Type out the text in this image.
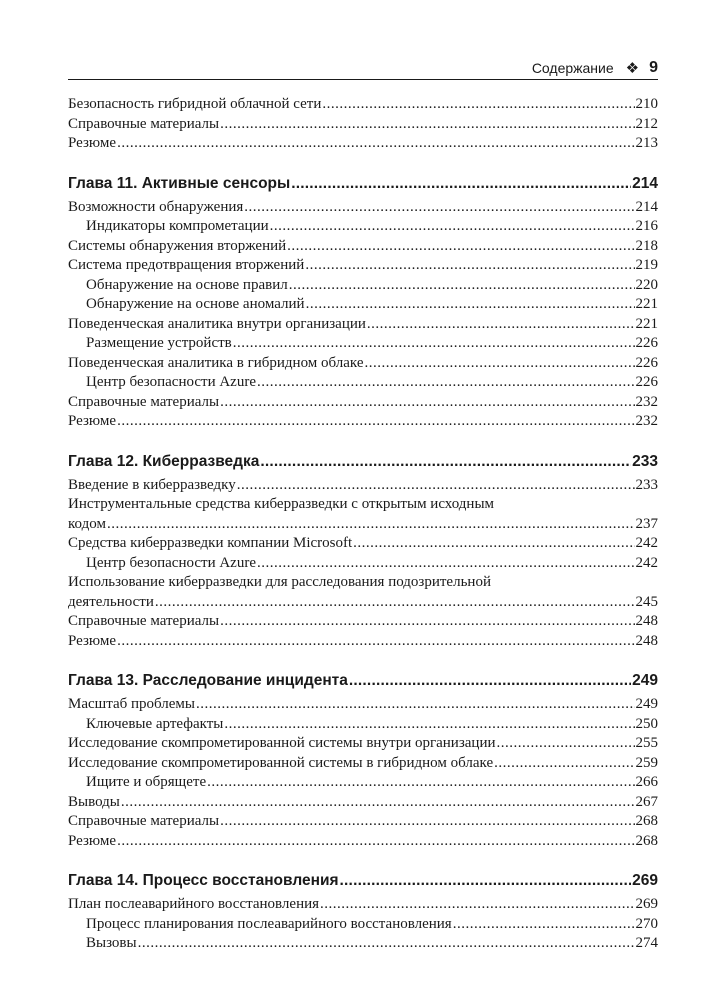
Содержание ❖ 9
Безопасность гибридной облачной сети .....	210
Справочные материалы .....	212
Резюме .....	213
Глава 11. Активные сенсоры .....	214
Возможности обнаружения .....	214
Индикаторы компрометации .....	216
Системы обнаружения вторжений .....	218
Система предотвращения вторжений .....	219
Обнаружение на основе правил .....	220
Обнаружение на основе аномалий .....	221
Поведенческая аналитика внутри организации .....	221
Размещение устройств .....	226
Поведенческая аналитика в гибридном облаке .....	226
Центр безопасности Azure .....	226
Справочные материалы .....	232
Резюме .....	232
Глава 12. Киберразведка .....	233
Введение в киберразведку .....	233
Инструментальные средства киберразведки с открытым исходным
кодом .....	237
Средства киберразведки компании Microsoft .....	242
Центр безопасности Azure .....	242
Использование киберразведки для расследования подозрительной
деятельности .....	245
Справочные материалы .....	248
Резюме .....	248
Глава 13. Расследование инцидента .....	249
Масштаб проблемы .....	249
Ключевые артефакты .....	250
Исследование скомпрометированной системы внутри организации .....	255
Исследование скомпрометированной системы в гибридном облаке .....	259
Ищите и обрящете .....	266
Выводы .....	267
Справочные материалы .....	268
Резюме .....	268
Глава 14. Процесс восстановления .....	269
План послеаварийного восстановления .....	269
Процесс планирования послеаварийного восстановления .....	270
Вызовы .....	274
